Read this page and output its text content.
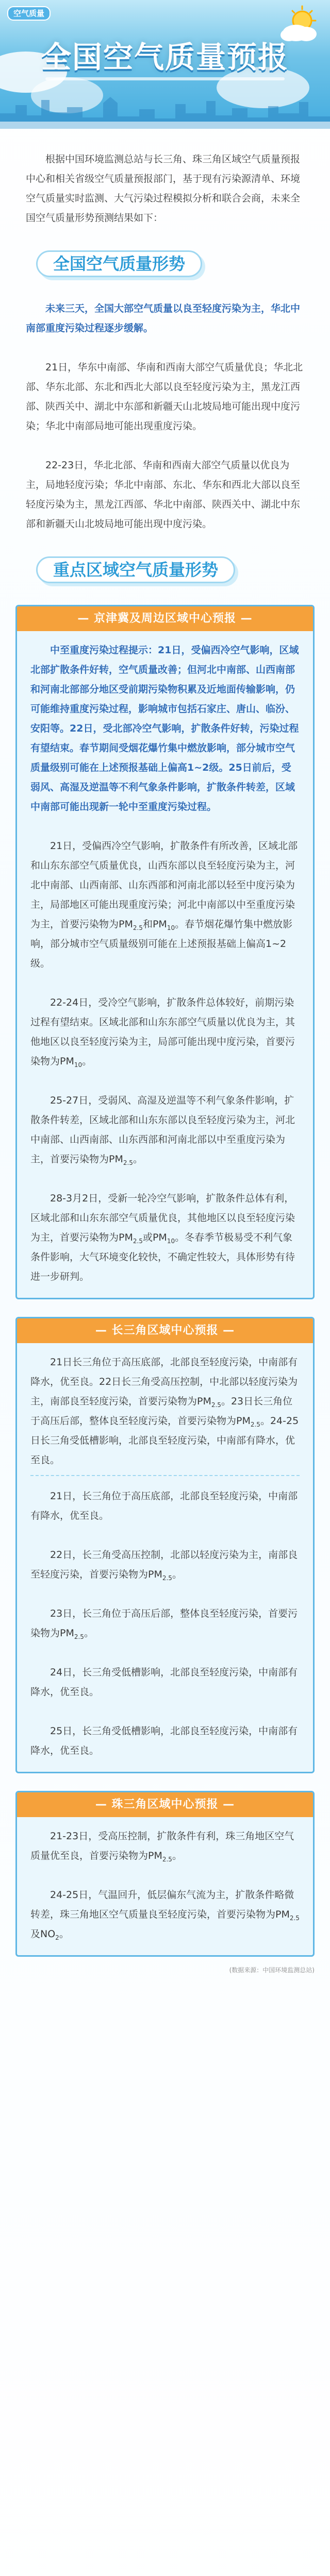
空气质量
全国空气质量预报

根据中国环境监测总站与长三角、珠三角区域空气质量预报中心和相关省级空气质量预报部门，基于现有污染源清单、环境空气质量实时监测、大气污染过程模拟分析和联合会商，未来全国空气质量形势预测结果如下：

全国空气质量形势

未来三天，全国大部空气质量以良至轻度污染为主，华北中南部重度污染过程逐步缓解。

21日，华东中南部、华南和西南大部空气质量优良；华北北部、华东北部、东北和西北大部以良至轻度污染为主，黑龙江西部、陕西关中、湖北中东部和新疆天山北坡局地可能出现中度污染；华北中南部局地可能出现重度污染。

22-23日，华北北部、华南和西南大部空气质量以优良为主，局地轻度污染；华北中南部、东北、华东和西北大部以良至轻度污染为主，黑龙江西部、华北中南部、陕西关中、湖北中东部和新疆天山北坡局地可能出现中度污染。

重点区域空气质量形势
— 京津冀及周边区域中心预报 —

中至重度污染过程提示：21日，受偏西冷空气影响，区域北部扩散条件好转，空气质量改善；但河北中南部、山西南部和河南北部部分地区受前期污染物积累及近地面传输影响，仍可能维持重度污染过程，影响城市包括石家庄、唐山、临汾、安阳等。22日，受北部冷空气影响，扩散条件好转，污染过程有望结束。春节期间受烟花爆竹集中燃放影响，部分城市空气质量级别可能在上述预报基础上偏高1~2级。25日前后，受弱风、高湿及逆温等不利气象条件影响，扩散条件转差，区域中南部可能出现新一轮中至重度污染过程。

21日，受偏西冷空气影响，扩散条件有所改善，区域北部和山东东部空气质量优良，山西东部以良至轻度污染为主，河北中南部、山西南部、山东西部和河南北部以轻至中度污染为主，局部地区可能出现重度污染；河北中南部以中至重度污染为主，首要污染物为$PM_{2.5}$和$PM_{10}$。春节烟花爆竹集中燃放影响，部分城市空气质量级别可能在上述预报基础上偏高1~2级。

22-24日，受冷空气影响，扩散条件总体较好，前期污染过程有望结束。区域北部和山东东部空气质量以优良为主，其他地区以良至轻度污染为主，局部可能出现中度污染，首要污染物为$PM_{10}$。

25-27日，受弱风、高湿及逆温等不利气象条件影响，扩散条件转差，区域北部和山东东部以良至轻度污染为主，河北中南部、山西南部、山东西部和河南北部以中至重度污染为主，首要污染物为$PM_{2.5}$。

28-3月2日，受新一轮冷空气影响，扩散条件总体有利，区域北部和山东东部空气质量优良，其他地区以良至轻度污染为主，首要污染物为$PM_{2.5}$或$PM_{10}$。冬春季节极易受不利气象条件影响，大气环境变化较快，不确定性较大，具体形势有待进一步研判。

— 长三角区域中心预报 —

21日长三角位于高压底部，北部良至轻度污染，中南部有降水，优至良。22日长三角受高压控制，中北部以轻度污染为主，南部良至轻度污染，首要污染物为$PM_{2.5}$。23日长三角位于高压后部，整体良至轻度污染，首要污染物为$PM_{2.5}$。24-25日长三角受低槽影响，北部良至轻度污染，中南部有降水，优至良。

21日，长三角位于高压底部，北部良至轻度污染，中南部有降水，优至良。

22日，长三角受高压控制，北部以轻度污染为主，南部良至轻度污染，首要污染物为$PM_{2.5}$。

23日，长三角位于高压后部，整体良至轻度污染，首要污染物为$PM_{2.5}$。

24日，长三角受低槽影响，北部良至轻度污染，中南部有降水，优至良。

25日，长三角受低槽影响，北部良至轻度污染，中南部有降水，优至良。

— 珠三角区域中心预报 —

21-23日，受高压控制，扩散条件有利，珠三角地区空气质量优至良，首要污染物为$PM_{2.5}$。

24-25日，气温回升，低层偏东气流为主，扩散条件略微转差，珠三角地区空气质量良至轻度污染，首要污染物为$PM_{2.5}$及$NO_2$。

(数据来源：中国环境监测总站)
